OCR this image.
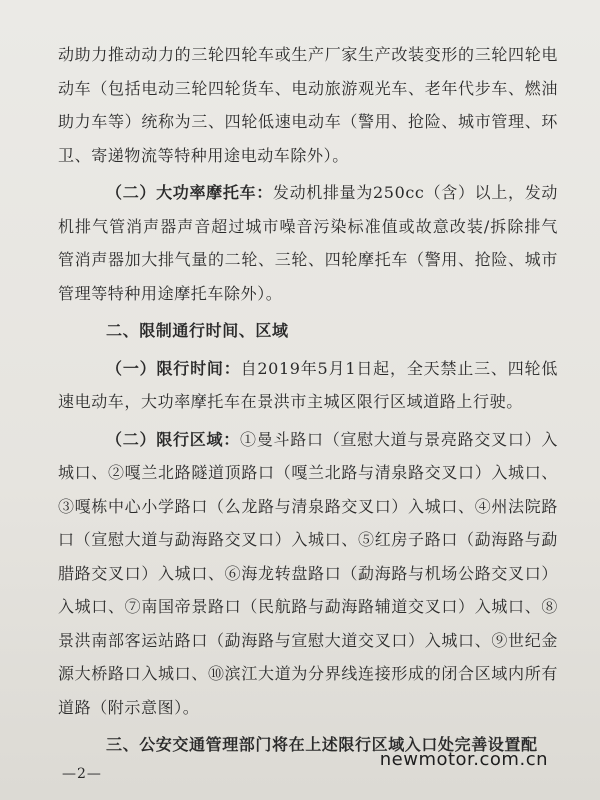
动助力推动动力的三轮四轮车或生产厂家生产改装变形的三轮四轮电动车（包括电动三轮四轮货车、电动旅游观光车、老年代步车、燃油助力车等）统称为三、四轮低速电动车（警用、抢险、城市管理、环卫、寄递物流等特种用途电动车除外）。

（二）大功率摩托车：发动机排量为250cc（含）以上，发动机排气管消声器声音超过城市噪音污染标准值或故意改装/拆除排气管消声器加大排气量的二轮、三轮、四轮摩托车（警用、抢险、城市管理等特种用途摩托车除外）。

二、限制通行时间、区域

（一）限行时间：自2019年5月1日起，全天禁止三、四轮低速电动车，大功率摩托车在景洪市主城区限行区域道路上行驶。

（二）限行区域：①曼斗路口（宣慰大道与景亮路交叉口）入城口、②嘎兰北路隧道顶路口（嘎兰北路与清泉路交叉口）入城口、③嘎栋中心小学路口（么龙路与清泉路交叉口）入城口、④州法院路口（宣慰大道与勐海路交叉口）入城口、⑤红房子路口（勐海路与勐腊路交叉口）入城口、⑥海龙转盘路口（勐海路与机场公路交叉口）入城口、⑦南国帝景路口（民航路与勐海路辅道交叉口）入城口、⑧景洪南部客运站路口（勐海路与宣慰大道交叉口）入城口、⑨世纪金源大桥路口入城口、⑩滨江大道为分界线连接形成的闭合区域内所有道路（附示意图）。

三、公安交通管理部门将在上述限行区域入口处完善设置配

—2—
newmotor.com.cn
